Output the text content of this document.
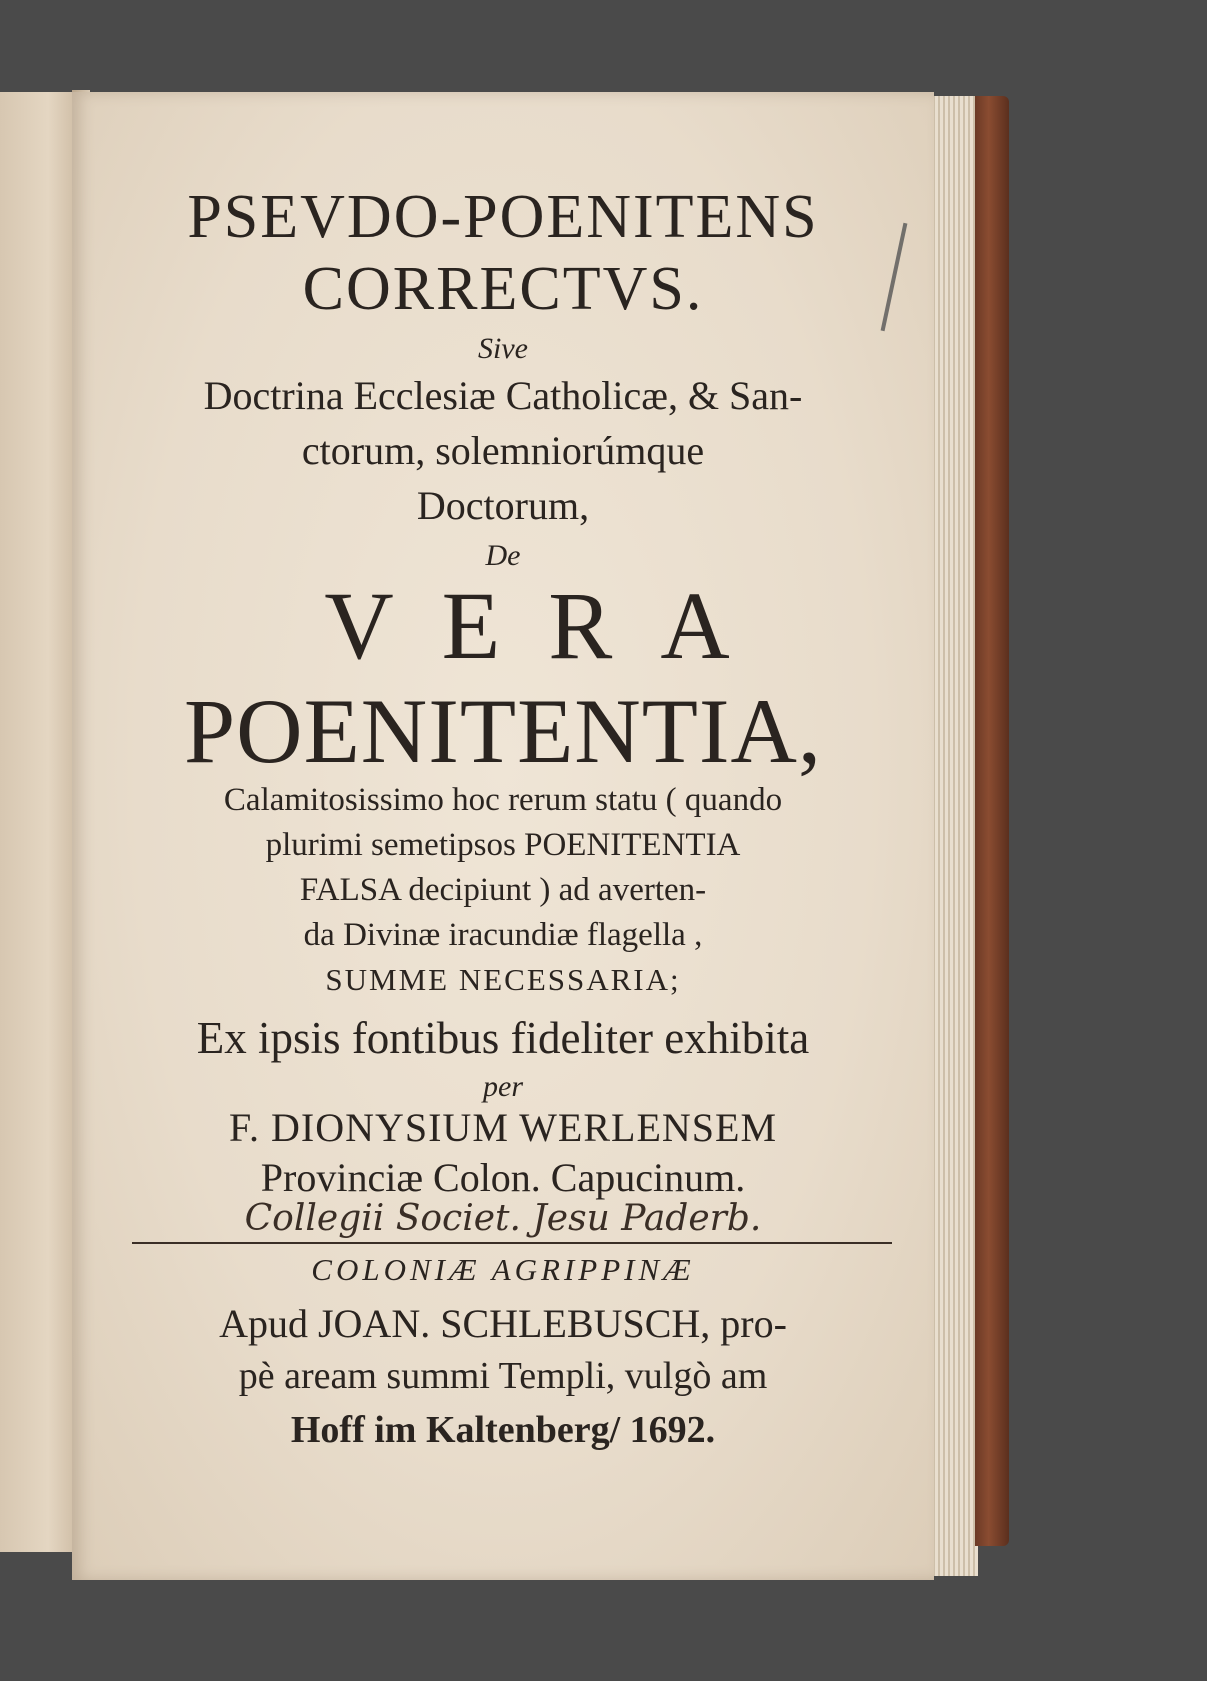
PSEVDO-POENITENS
CORRECTVS.
Sive
Doctrina Ecclesiæ Catholicæ, & San-
ctorum, solemniorúmque
Doctorum,
De
VERA
POENITENTIA,
Calamitosissimo hoc rerum statu ( quando
plurimi semetipsos POENITENTIA
FALSA decipiunt ) ad averten-
da Divinæ iracundiæ flagella ,
SUMME NECESSARIA;
Ex ipsis fontibus fideliter exhibita
per
F. DIONYSIUM WERLENSEM
Provinciæ Colon. Capucinum.
Collegii Societ. Jesu Paderb.
COLONIÆ AGRIPPINÆ
Apud JOAN. SCHLEBUSCH, pro-
pè aream summi Templi, vulgò am
Hoff im Kaltenberg/ 1692.
